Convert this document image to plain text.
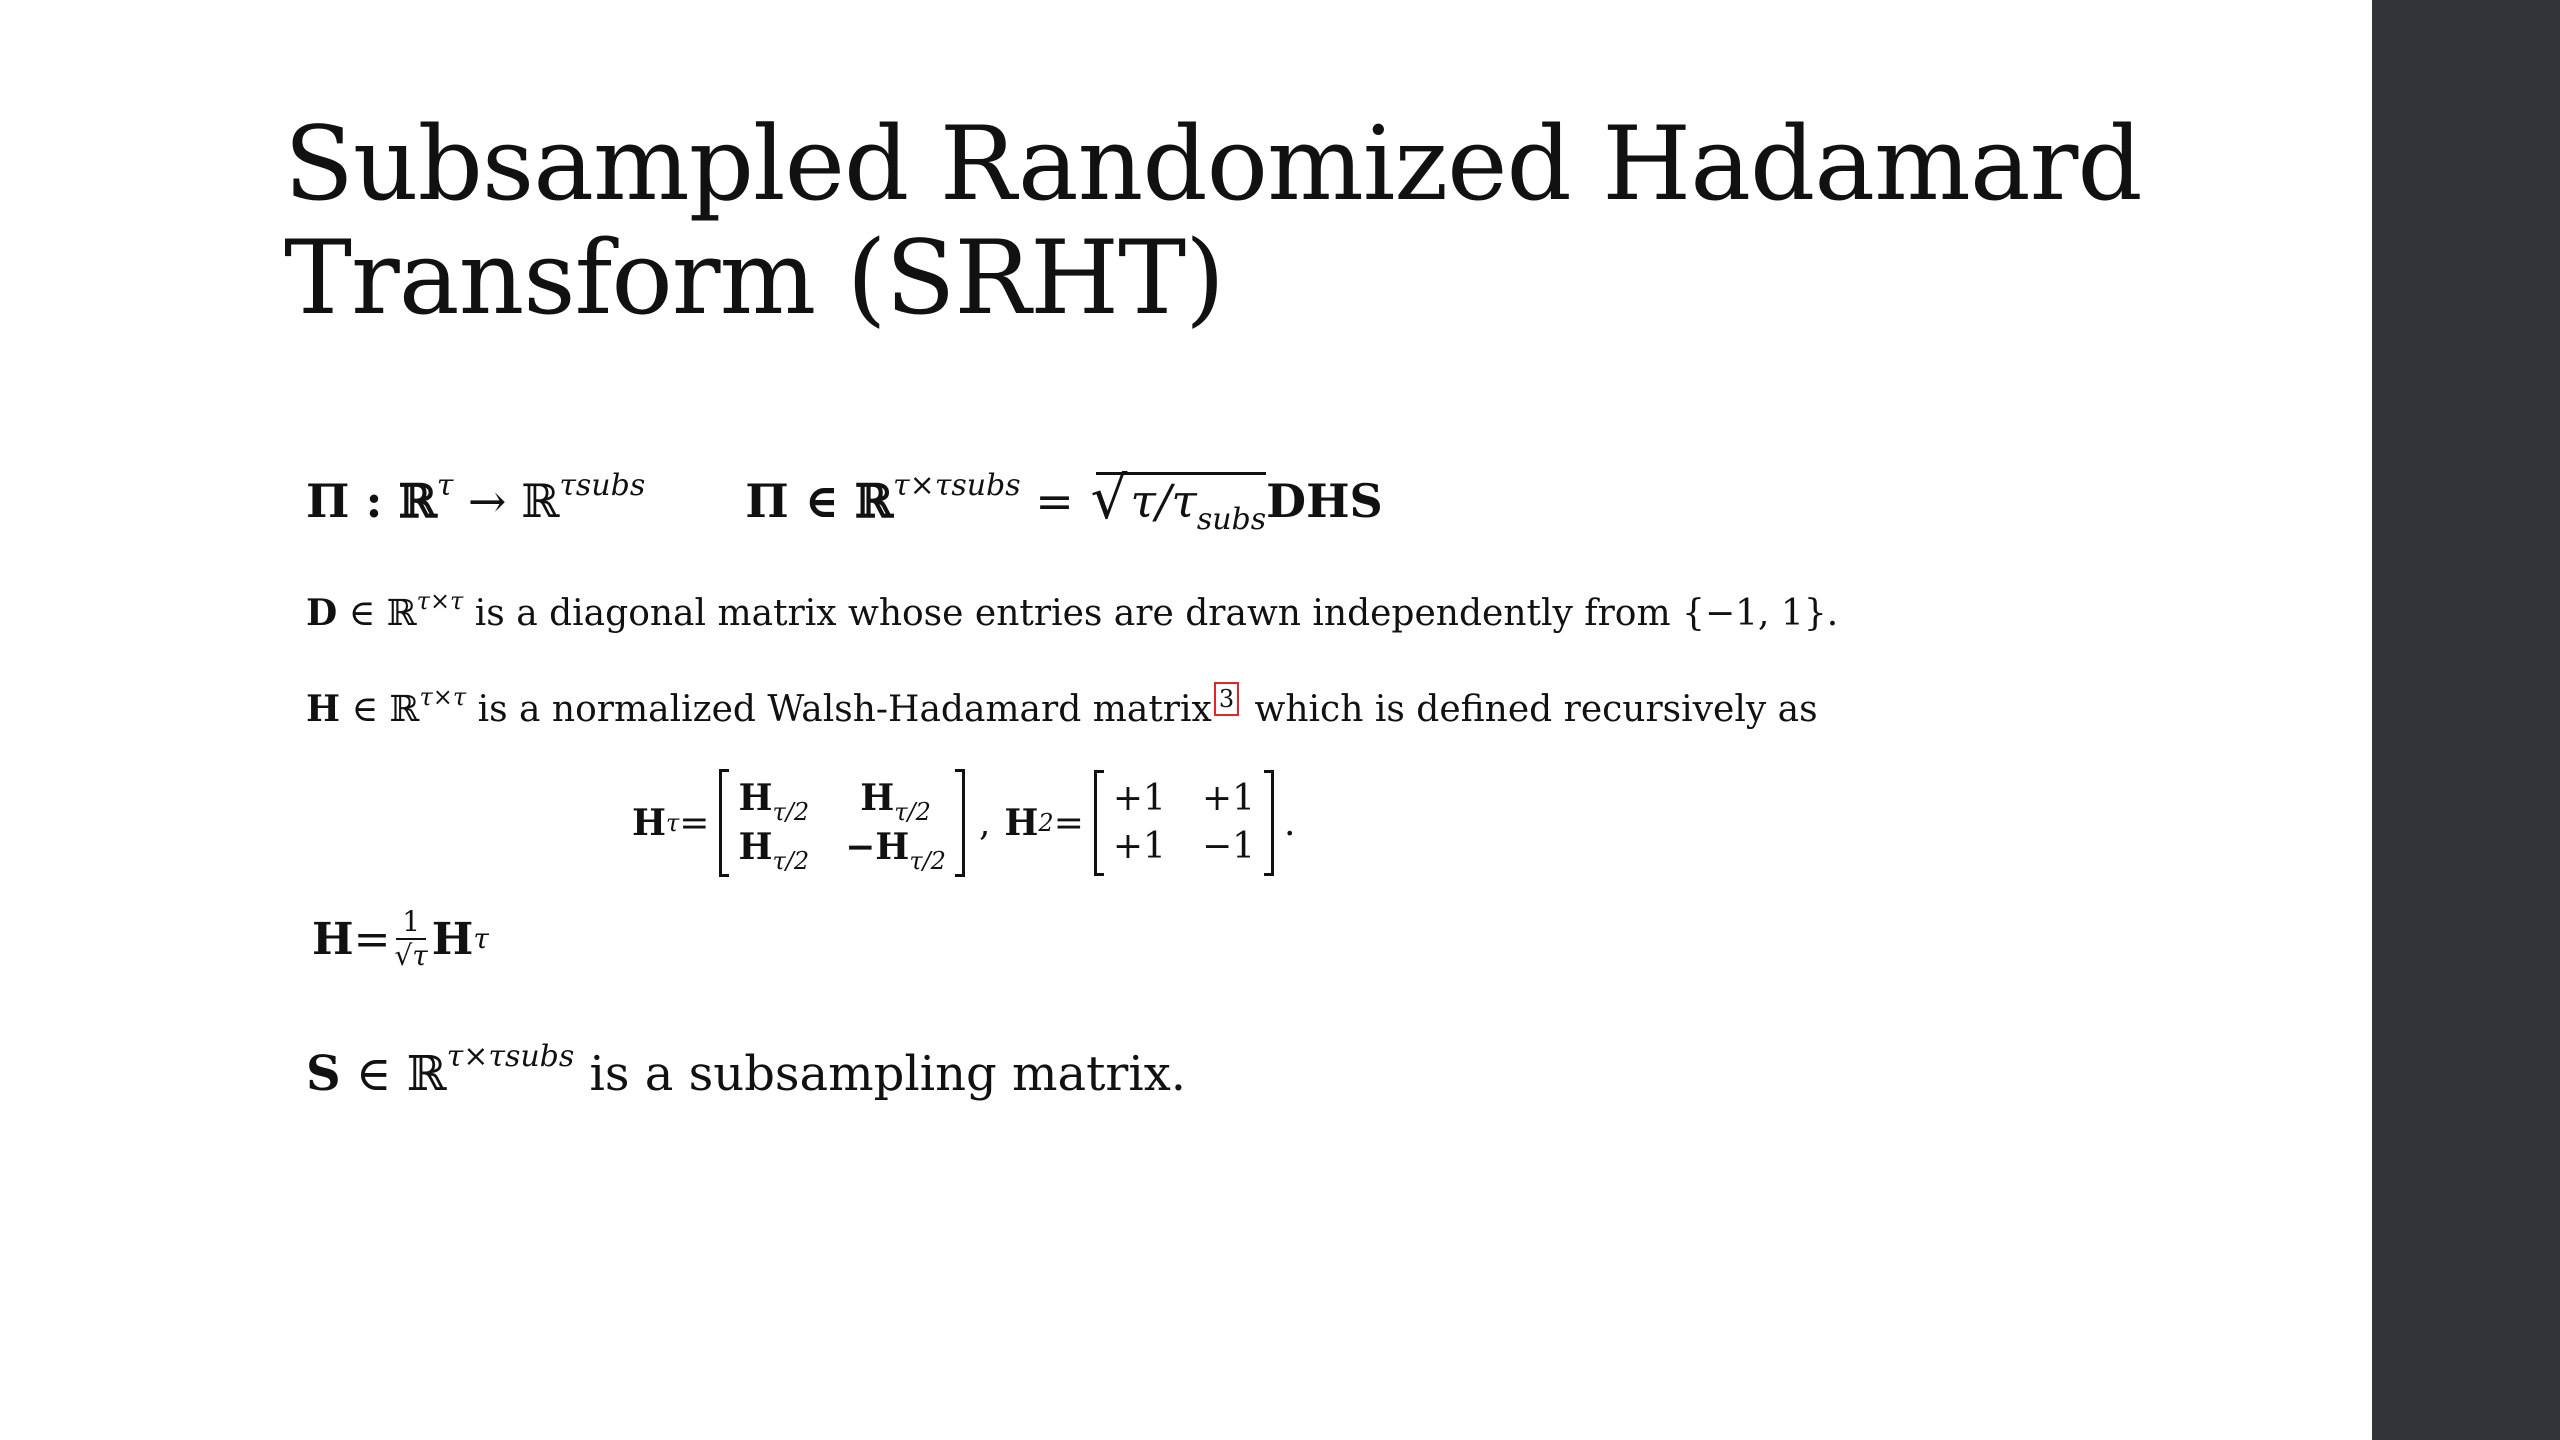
Subsampled Randomized Hadamard Transform (SRHT)
Π : ℝ$^\tau$ → ℝ$^{\tau subs}$ Π ∈ ℝ$^{\tau\times\tau subs}$ = √ $\tau/\tau_{subs}DHS$
D ∈ ℝ$^{\tau\times\tau}$ is a diagonal matrix whose entries are drawn independently from {−1, 1}.
H ∈ ℝ$^{\tau\times\tau}$ is a normalized Walsh-Hadamard matrix 3 which is defined recursively as
H τ =
$H_{\tau/2}$	$H_{\tau/2}$
$H_{\tau/2} -H_{\tau/2}$
, H 2 =
+1 +1
+1 −1
.
$H = \frac{1}{√\tau}$ H τ
S ∈ ℝ$^{\tau\times\tau subs}$ is a subsampling matrix.
